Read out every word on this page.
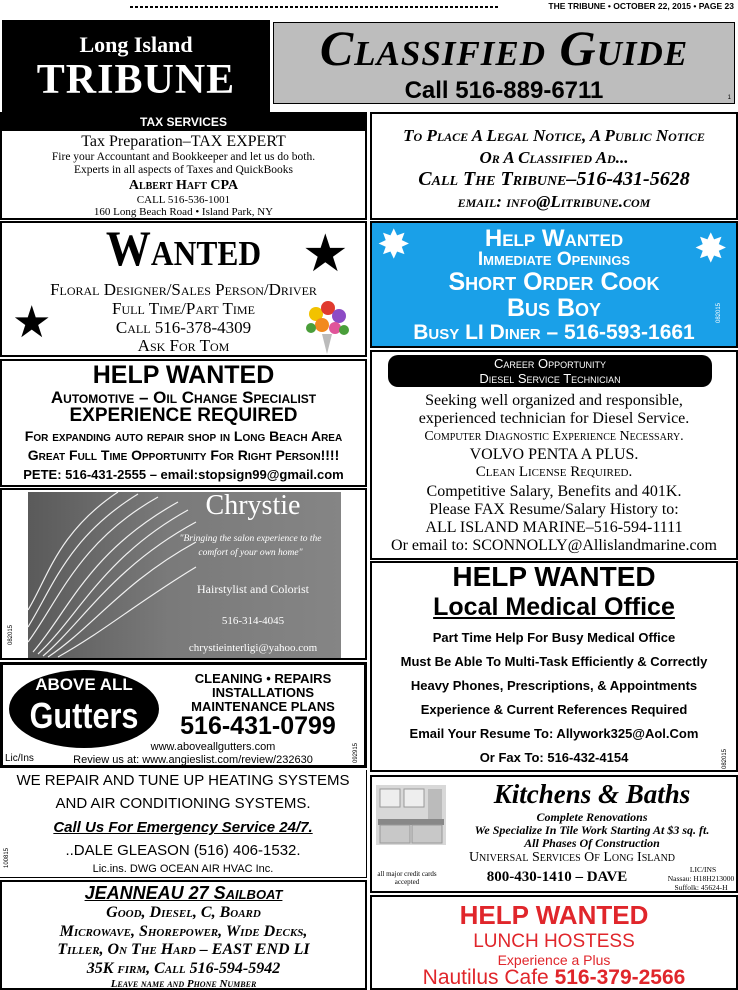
THE TRIBUNE • OCTOBER 22, 2015 • PAGE 23
Long Island
TRIBUNE
Classified Guide
Call 516-889-6711	1
TAX SERVICES
Tax Preparation–TAX EXPERT
Fire your Accountant and Bookkeeper and let us do both.
Experts in all aspects of Taxes and QuickBooks
Albert Haft CPA
CALL 516-536-1001
160 Long Beach Road • Island Park, NY
To Place A Legal Notice, A Public Notice
Or A Classified Ad...
Call The Tribune–516-431-5628
email: info@Litribune.com
Wanted ★
★
Floral Designer/Sales Person/Driver
Full Time/Part Time
Call 516-378-4309
Ask For Tom
✸	✸
Help Wanted
Immediate Openings
Short Order Cook
Bus Boy
Busy LI Diner – 516-593-1661
082015
HELP WANTED
Automotive – Oil Change Specialist
EXPERIENCE REQUIRED
For expanding auto repair shop in Long Beach Area
Great Full Time Opportunity For Right Person!!!!
PETE: 516-431-2555 – email:stopsign99@gmail.com
Career Opportunity
Diesel Service Technician
Seeking well organized and responsible,
experienced technician for Diesel Service.
Computer Diagnostic Experience Necessary.
VOLVO PENTA A PLUS.
Clean License Required.
Competitive Salary, Benefits and 401K.
Please FAX Resume/Salary History to:
ALL ISLAND MARINE–516-594-1111
Or email to: SCONNOLLY@Allislandmarine.com
Chrystie
"Bringing the salon experience to the
comfort of your own home"
Hairstylist and Colorist
516-314-4045
chrystieinterligi@yahoo.com
082015
HELP WANTED
Local Medical Office
Part Time Help For Busy Medical Office
Must Be Able To Multi-Task Efficiently & Correctly
Heavy Phones, Prescriptions, & Appointments
Experience & Current References Required
Email Your Resume To: Allywork325@Aol.Com
Or Fax To: 516-432-4154	082015
ABOVE ALL
Gutters
CLEANING • REPAIRS
INSTALLATIONS
MAINTENANCE PLANS
516-431-0799
www.aboveallgutters.com
Lic/Ins	Review us at: www.angieslist.com/review/232630	092915
WE REPAIR AND TUNE UP HEATING SYSTEMS
AND AIR CONDITIONING SYSTEMS.
Call Us For Emergency Service 24/7.
..DALE GLEASON (516) 406-1532.
Lic.ins. DWG OCEAN AIR HVAC Inc.
100815
Kitchens & Baths
Complete Renovations
We Specialize In Tile Work Starting At $3 sq. ft.
All Phases Of Construction
Universal Services Of Long Island
all major credit cards accepted	800-430-1410 – DAVE	LIC/INS
Nassau: H18H213000
Suffolk: 45624-H
JEANNEAU 27 Sailboat
Good, Diesel, C, Board
Microwave, Shorepower, Wide Decks,
Tiller, On The Hard – EAST END LI
35K firm, Call 516-594-5942
Leave name and Phone Number
HELP WANTED
LUNCH HOSTESS
Experience a Plus
Nautilus Cafe 516-379-2566
